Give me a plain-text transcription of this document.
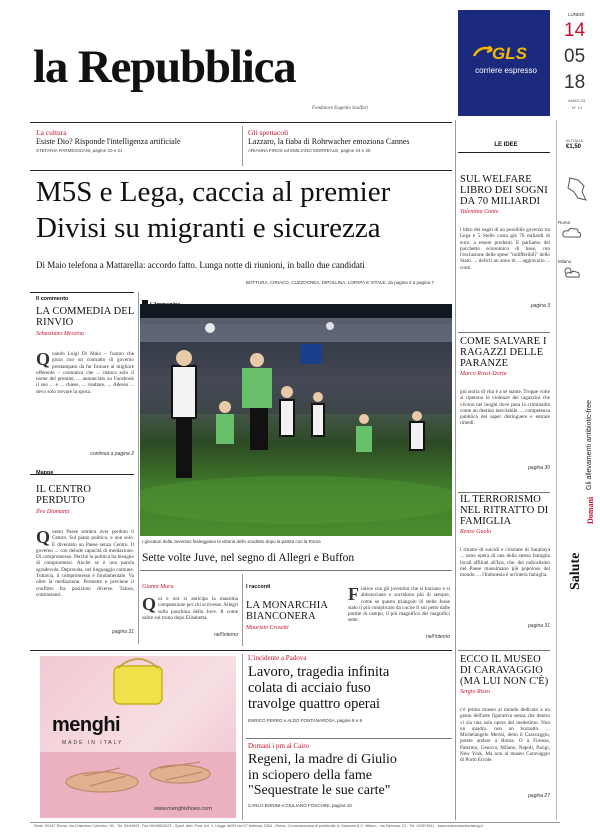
la Repubblica
Fondatore Eugenio Scalfari
GLS
corriere espresso
LUNEDÌ
14
05
18
ANNO 43
N° 14
La cultura
Esiste Dio? Risponde l'intelligenza artificiale
STEFANIA PARMEGGIANI, pagine 20 e 21
Gli spettacoli
Lazzaro, la fiaba di Rohrwacher emoziona Cannes
ARIANNA FINOS ed EMILIANO MORREALE, pagine 24 e 25
LE IDEE
IN ITALIA
€1,50
M5S e Lega, caccia al premier
Divisi su migranti e sicurezza
Di Maio telefona a Mattarella: accordo fatto. Lunga notte di riunioni, in ballo due candidati
BOTTURA, CIRIACO, CUZZOCREA, DIPOLLINA, LOPAPA E VITALE, da pagina 2 a pagina 7
Il commento
LA COMMEDIA DEL RINVIO
Sebastiano Messina
Quando Luigi Di Maio – l'uomo che giura con un contratto di governo prestampato da far firmare al migliore offerente – comunica che ... manca solo il nome del premier, ... annunciato su Facebook il suo ... e ... chiese, ... risaltare, ... Adesso ... devo solo trovare la sposa.
continua a pagina 2
Mappe
IL CENTRO PERDUTO
Ilvo Diamanti
Questo Paese sembra aver perduto il Centro. Sul piano politico, e non solo. E diventato un Paese senza Centro. Il governo ... con delude capacità di mediazione. Di compromesso. Perché la politica ha bisogno di compromessi. Anche se è una parola sgradevole. Depravata, nel linguaggio comune. Tuttavia, il compromesso è fondamentale. Va oltre la mediazione. Permette e previene il conflitto fra posizioni diverse. Talora, contrastanti.
pagina 31
I giocatori della Juventus festeggiano la vittoria dello scudetto dopo la partita con la Roma
Sette volte Juve, nel segno di Allegri e Buffon
Gianni Mura
Qui e ora si anticipa la massima compensione per chi scrivesse. Allegri sulla panchina della Juve. Il come salire sul trono dopo Elisabetta.
nell'interno
I racconti
LA MONARCHIA BIANCONERA
Maurizio Crosetti
Finisce con gli juventini che si baciano e si abbracciano e sorridono più di sempre, come se questo triangolo di stelle fosse stato il più complicato da cucire fi sul petto dalle partite di campo, il più magnifico dei magnifici sette.
nell'interno
menghi
MADE IN ITALY
www.menghishoes.com
L'incidente a Padova
Lavoro, tragedia infinita
colata di acciaio fuso
travolge quattro operai
ENRICO FERRO e ALDO FONTANAROSA, pagine 8 e 9
Domani i pm al Cairo
Regeni, la madre di Giulio
in sciopero della fame
"Sequestrate le sue carte"
CARLO BONINI e GIULIANO FOSCHINI, pagina 10
SUL WELFARE LIBRO DEI SOGNI DA 70 MILIARDI
Valentina Conte
l libro dei sogni di un possibile governo tra Lega e 5 Stelle costa già 70 miliardi di euro, a essere prudenti. E parliamo del pacchetto economico di base, con l'esclusione delle spese "indifferibili" dello Stato. ... deficit un anno di ... aggravarlo ... conti.
pagina 3
COME SALVARE I RAGAZZI DELLE PARANZE
Marco Rossi-Doria
gni storia di vita è a sé stante. Troppe volte si ripetono le violenze dei ragazzini che vivono nei luoghi dove pesa la criminalità come un destino inevitabile. ... competenza pubblica del saper distinguere e entrare rimedi.
pagina 30
IL TERRORISMO NEL RITRATTO DI FAMIGLIA
Renzo Guolo
l ritratto di suicidi e cristiane di Surabaya ... sono opera di una della stessa famiglia locali affiliati all'Isis, che, del radicalismo nel Paese musulmano più popoloso del mondo. ... l'Indonesia è un'intera famiglia.
pagina 31
ECCO IL MUSEO DI CARAVAGGIO (MA LUI NON C'È)
Sergio Rizzo
c'è primo museo al mondo dedicato a un genio dell'arte figurativa senza che dentro vi sia una sola opera del medesimo. Non un quadro, non un bozzetto. ... Michelangelo Merisi, detto il Caravaggio, potete andare a Roma. O a Firenze, Palermo, Genova, Milano, Napoli, Parigi, New York. Ma non al museo Caravaggio di Porto Ercole.
pagina 27
Roma
Milano
Salute
Gli allevamenti antibiotic-free
Domani
Sede: 00147 Roma, via Cristoforo Colombo, 90 - Tel. 06/49821, Fax 06/49822923 - Sped. Abb. Post. Art. 1, Legge 46/04 del 27 febbraio 2004 - Roma. Concessionaria di pubblicità: A. Manzoni & C. Milano - via Nervesa, 21 - Tel. 02/574941 - www.manzoniadvertising.it
